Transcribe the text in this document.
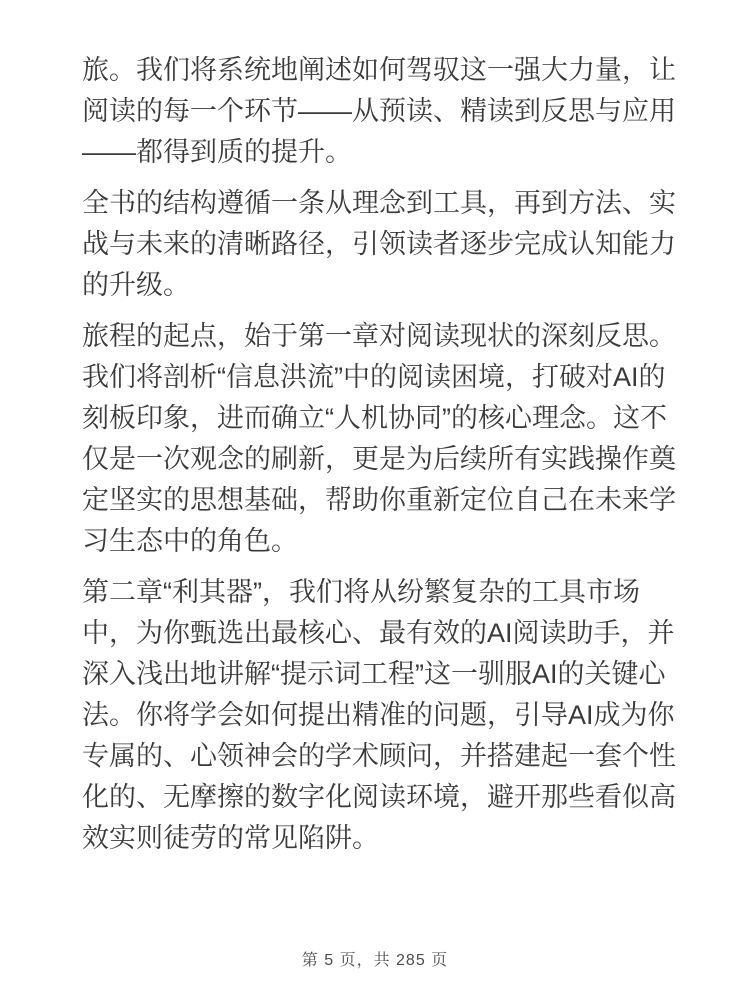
旅。我们将系统地阐述如何驾驭这一强大力量，让阅读的每一个环节——从预读、精读到反思与应用——都得到质的提升。

全书的结构遵循一条从理念到工具，再到方法、实战与未来的清晰路径，引领读者逐步完成认知能力的升级。

旅程的起点，始于第一章对阅读现状的深刻反思。我们将剖析“信息洪流”中的阅读困境，打破对AI的刻板印象，进而确立“人机协同”的核心理念。这不仅是一次观念的刷新，更是为后续所有实践操作奠定坚实的思想基础，帮助你重新定位自己在未来学习生态中的角色。

第二章“利其器”，我们将从纷繁复杂的工具市场中，为你甄选出最核心、最有效的AI阅读助手，并深入浅出地讲解“提示词工程”这一驯服AI的关键心法。你将学会如何提出精准的问题，引导AI成为你专属的、心领神会的学术顾问，并搭建起一套个性化的、无摩擦的数字化阅读环境，避开那些看似高效实则徒劳的常见陷阱。

第 5 页，共 285 页
